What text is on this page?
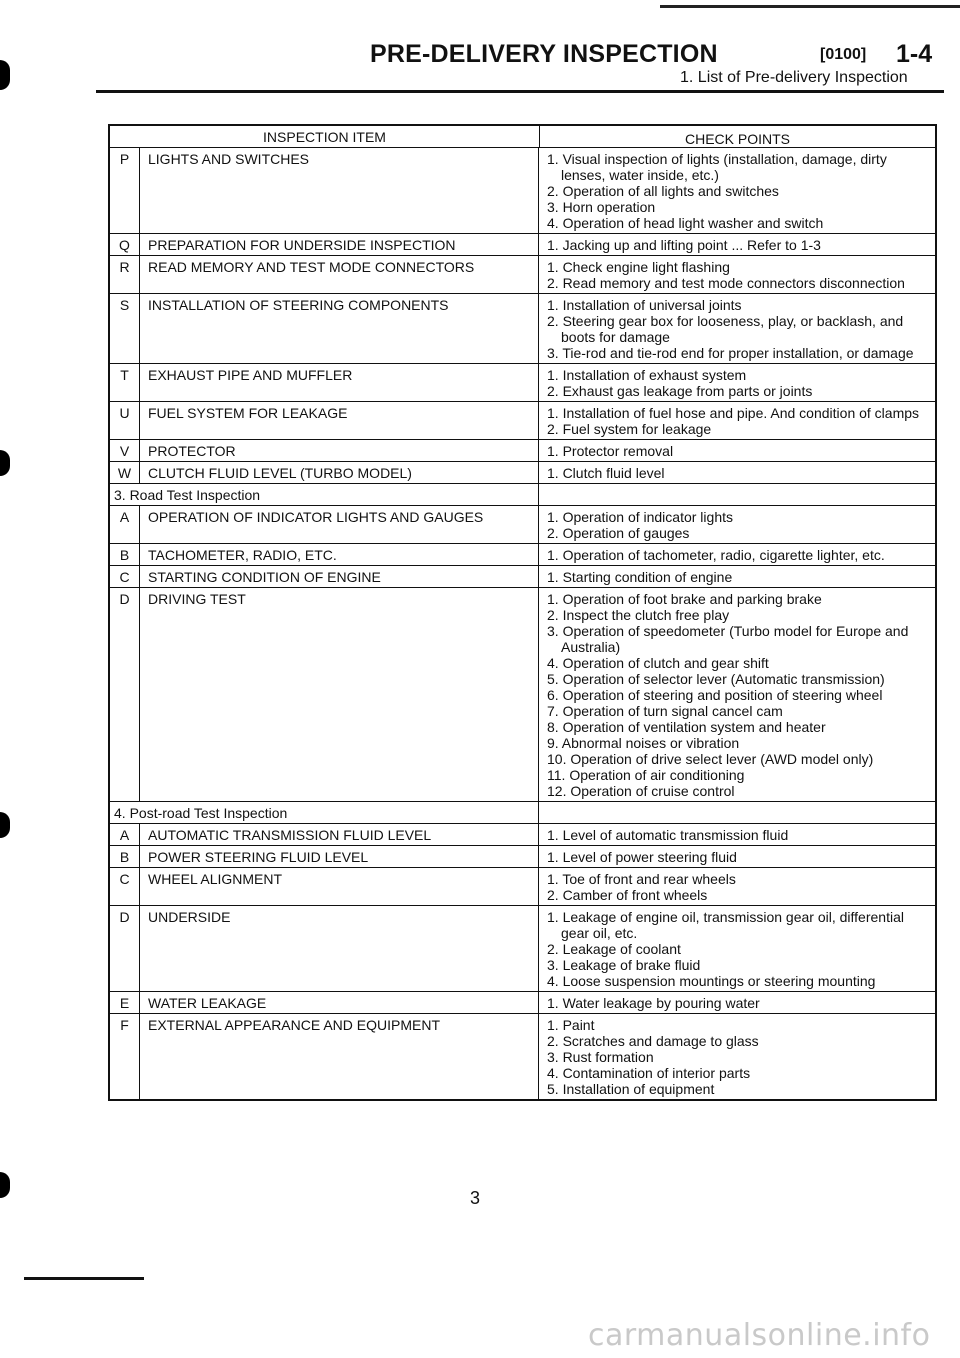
PRE-DELIVERY INSPECTION	[0100] 1-4
1. List of Pre-delivery Inspection
INSPECTION ITEM	CHECK POINTS
P	LIGHTS AND SWITCHES	1. Visual inspection of lights (installation, damage, dirty lenses, water inside, etc.)
2. Operation of all lights and switches
3. Horn operation
4. Operation of head light washer and switch
Q	PREPARATION FOR UNDERSIDE INSPECTION	1. Jacking up and lifting point ... Refer to 1-3
R	READ MEMORY AND TEST MODE CONNECTORS	1. Check engine light flashing
2. Read memory and test mode connectors disconnection
S	INSTALLATION OF STEERING COMPONENTS	1. Installation of universal joints
2. Steering gear box for looseness, play, or backlash, and boots for damage
3. Tie-rod and tie-rod end for proper installation, or damage
T	EXHAUST PIPE AND MUFFLER	1. Installation of exhaust system
2. Exhaust gas leakage from parts or joints
U	FUEL SYSTEM FOR LEAKAGE	1. Installation of fuel hose and pipe. And condition of clamps
2. Fuel system for leakage
V	PROTECTOR	1. Protector removal
W	CLUTCH FLUID LEVEL (TURBO MODEL)	1. Clutch fluid level
3. Road Test Inspection
A	OPERATION OF INDICATOR LIGHTS AND GAUGES	1. Operation of indicator lights
2. Operation of gauges
B	TACHOMETER, RADIO, ETC.	1. Operation of tachometer, radio, cigarette lighter, etc.
C	STARTING CONDITION OF ENGINE	1. Starting condition of engine
D	DRIVING TEST	1. Operation of foot brake and parking brake
2. Inspect the clutch free play
3. Operation of speedometer (Turbo model for Europe and Australia)
4. Operation of clutch and gear shift
5. Operation of selector lever (Automatic transmission)
6. Operation of steering and position of steering wheel
7. Operation of turn signal cancel cam
8. Operation of ventilation system and heater
9. Abnormal noises or vibration
10. Operation of drive select lever (AWD model only)
11. Operation of air conditioning
12. Operation of cruise control
4. Post-road Test Inspection
A	AUTOMATIC TRANSMISSION FLUID LEVEL	1. Level of automatic transmission fluid
B	POWER STEERING FLUID LEVEL	1. Level of power steering fluid
C	WHEEL ALIGNMENT	1. Toe of front and rear wheels
2. Camber of front wheels
D	UNDERSIDE	1. Leakage of engine oil, transmission gear oil, differential gear oil, etc.
2. Leakage of coolant
3. Leakage of brake fluid
4. Loose suspension mountings or steering mounting
E	WATER LEAKAGE	1. Water leakage by pouring water
F	EXTERNAL APPEARANCE AND EQUIPMENT	1. Paint
2. Scratches and damage to glass
3. Rust formation
4. Contamination of interior parts
5. Installation of equipment
3
carmanualsonline.info
